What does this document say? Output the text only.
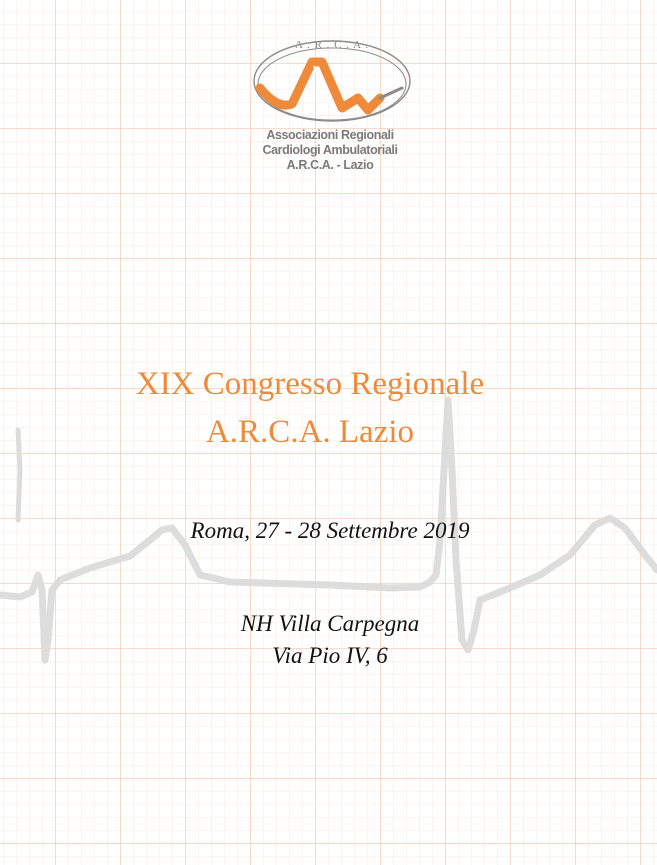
A . R . C . A .
Associazioni Regionali
Cardiologi Ambulatoriali
A.R.C.A. - Lazio
XIX Congresso Regionale
A.R.C.A. Lazio
Roma, 27 - 28 Settembre 2019
NH Villa Carpegna
Via Pio IV, 6
